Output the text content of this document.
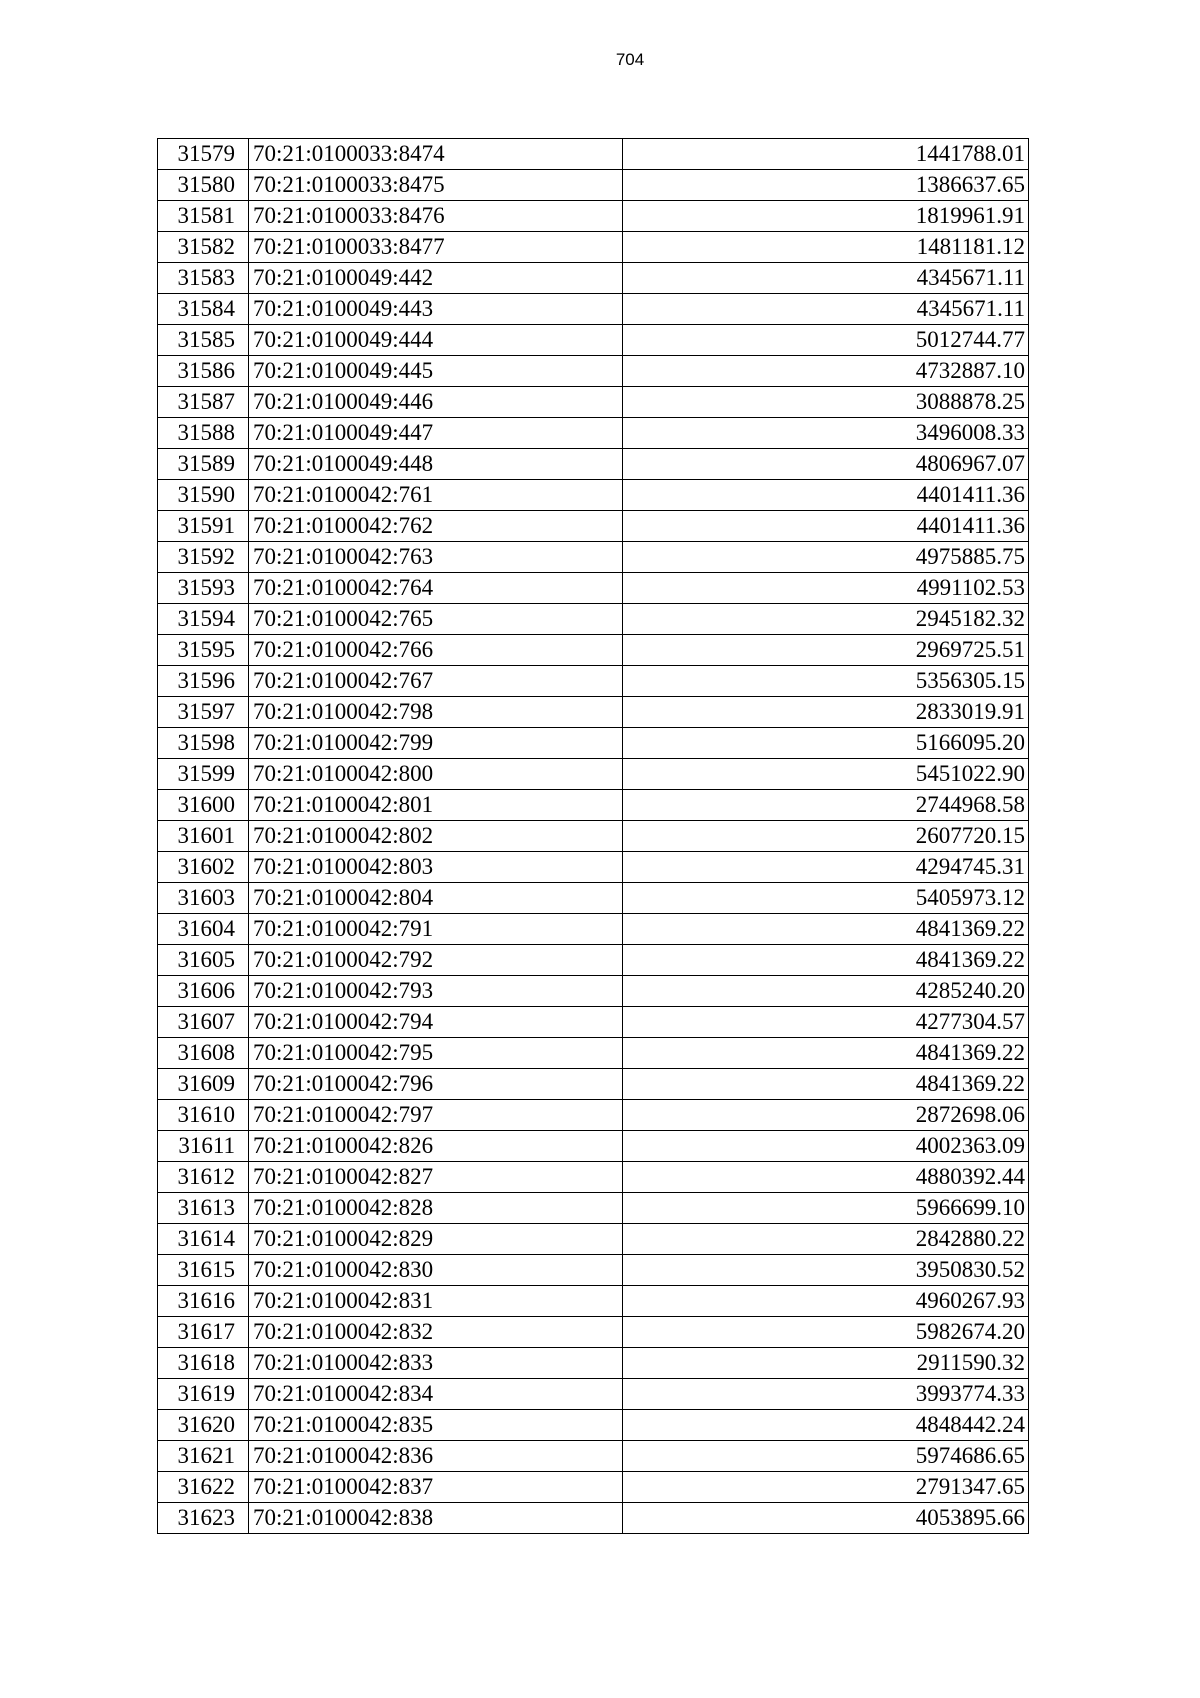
704
31579	70:21:0100033:8474	1441788.01
31580	70:21:0100033:8475	1386637.65
31581	70:21:0100033:8476	1819961.91
31582	70:21:0100033:8477	1481181.12
31583	70:21:0100049:442	4345671.11
31584	70:21:0100049:443	4345671.11
31585	70:21:0100049:444	5012744.77
31586	70:21:0100049:445	4732887.10
31587	70:21:0100049:446	3088878.25
31588	70:21:0100049:447	3496008.33
31589	70:21:0100049:448	4806967.07
31590	70:21:0100042:761	4401411.36
31591	70:21:0100042:762	4401411.36
31592	70:21:0100042:763	4975885.75
31593	70:21:0100042:764	4991102.53
31594	70:21:0100042:765	2945182.32
31595	70:21:0100042:766	2969725.51
31596	70:21:0100042:767	5356305.15
31597	70:21:0100042:798	2833019.91
31598	70:21:0100042:799	5166095.20
31599	70:21:0100042:800	5451022.90
31600	70:21:0100042:801	2744968.58
31601	70:21:0100042:802	2607720.15
31602	70:21:0100042:803	4294745.31
31603	70:21:0100042:804	5405973.12
31604	70:21:0100042:791	4841369.22
31605	70:21:0100042:792	4841369.22
31606	70:21:0100042:793	4285240.20
31607	70:21:0100042:794	4277304.57
31608	70:21:0100042:795	4841369.22
31609	70:21:0100042:796	4841369.22
31610	70:21:0100042:797	2872698.06
31611	70:21:0100042:826	4002363.09
31612	70:21:0100042:827	4880392.44
31613	70:21:0100042:828	5966699.10
31614	70:21:0100042:829	2842880.22
31615	70:21:0100042:830	3950830.52
31616	70:21:0100042:831	4960267.93
31617	70:21:0100042:832	5982674.20
31618	70:21:0100042:833	2911590.32
31619	70:21:0100042:834	3993774.33
31620	70:21:0100042:835	4848442.24
31621	70:21:0100042:836	5974686.65
31622	70:21:0100042:837	2791347.65
31623	70:21:0100042:838	4053895.66
